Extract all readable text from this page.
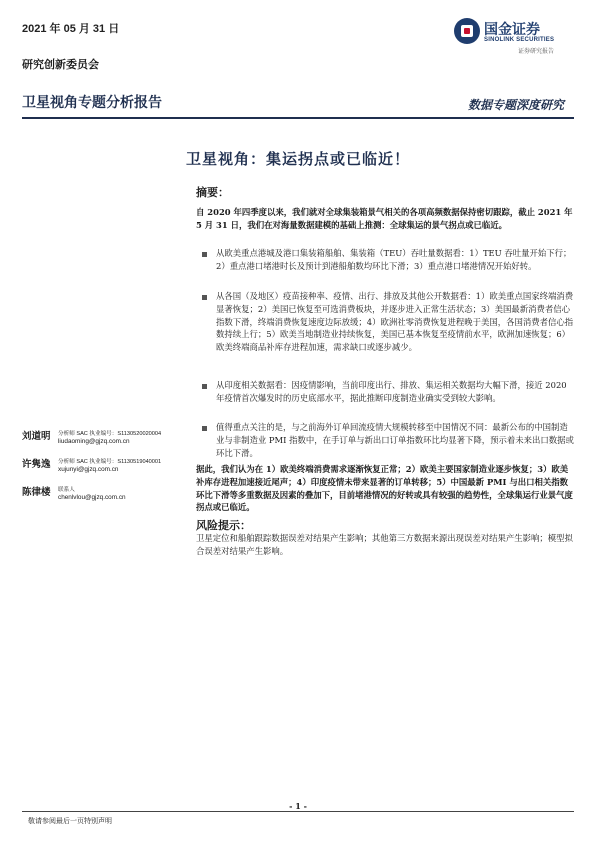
2021 年 05 月 31 日
研究创新委员会
卫星视角专题分析报告	数据专题深度研究
国金证券
SINOLINK SECURITIES
证券研究报告
卫星视角：集运拐点或已临近！
摘要：
自 2020 年四季度以来，我们就对全球集装箱景气相关的各项高频数据保持密切跟踪，截止 2021 年 5 月 31 日，我们在对海量数据建模的基础上推测：全球集运的景气拐点或已临近。
从欧美重点港城及港口集装箱船舶、集装箱（TEU）吞吐量数据看：1）TEU 吞吐量开始下行；2）重点港口堵港时长及预计到港船舶数均环比下滑；3）重点港口堵港情况开始好转。
从各国（及地区）疫苗接种率、疫情、出行、排放及其他公开数据看：1）欧美重点国家终端消费显著恢复；2）美国已恢复至可选消费板块，并逐步进入正常生活状态；3）美国最新消费者信心指数下滑，终端消费恢复速度边际放缓；4）欧洲社零消费恢复进程晚于美国，各国消费者信心指数持续上行；5）欧美当地制造业持续恢复，美国已基本恢复至疫情前水平，欧洲加速恢复；6）欧美终端商品补库存进程加速，需求缺口或逐步减少。
从印度相关数据看：因疫情影响，当前印度出行、排放、集运相关数据均大幅下滑，接近 2020 年疫情首次爆发时的历史底部水平，据此推断印度制造业确实受到较大影响。
值得重点关注的是，与之前海外订单回流疫情大规模转移至中国情况不同：最新公布的中国制造业与非制造业 PMI 指数中，在手订单与新出口订单指数环比均显著下降，预示着未来出口数据或环比下滑。
据此，我们认为在 1）欧美终端消费需求逐渐恢复正常；2）欧美主要国家制造业逐步恢复；3）欧美补库存进程加速接近尾声；4）印度疫情未带来显著的订单转移；5）中国最新 PMI 与出口相关指数环比下滑等多重数据及因素的叠加下，目前堵港情况的好转或具有较强的趋势性，全球集运行业景气度拐点或已临近。
风险提示：
卫星定位和船舶跟踪数据误差对结果产生影响；其他第三方数据来源出现误差对结果产生影响；模型拟合误差对结果产生影响。
刘道明 分析师 SAC 执业编号：S1130520020004
liudaoming@gjzq.com.cn
许隽逸 分析师 SAC 执业编号：S1130519040001
xujunyi@gjzq.com.cn
陈律楼 联系人
chenlvlou@gjzq.com.cn
- 1 -
敬请参阅最后一页特别声明
